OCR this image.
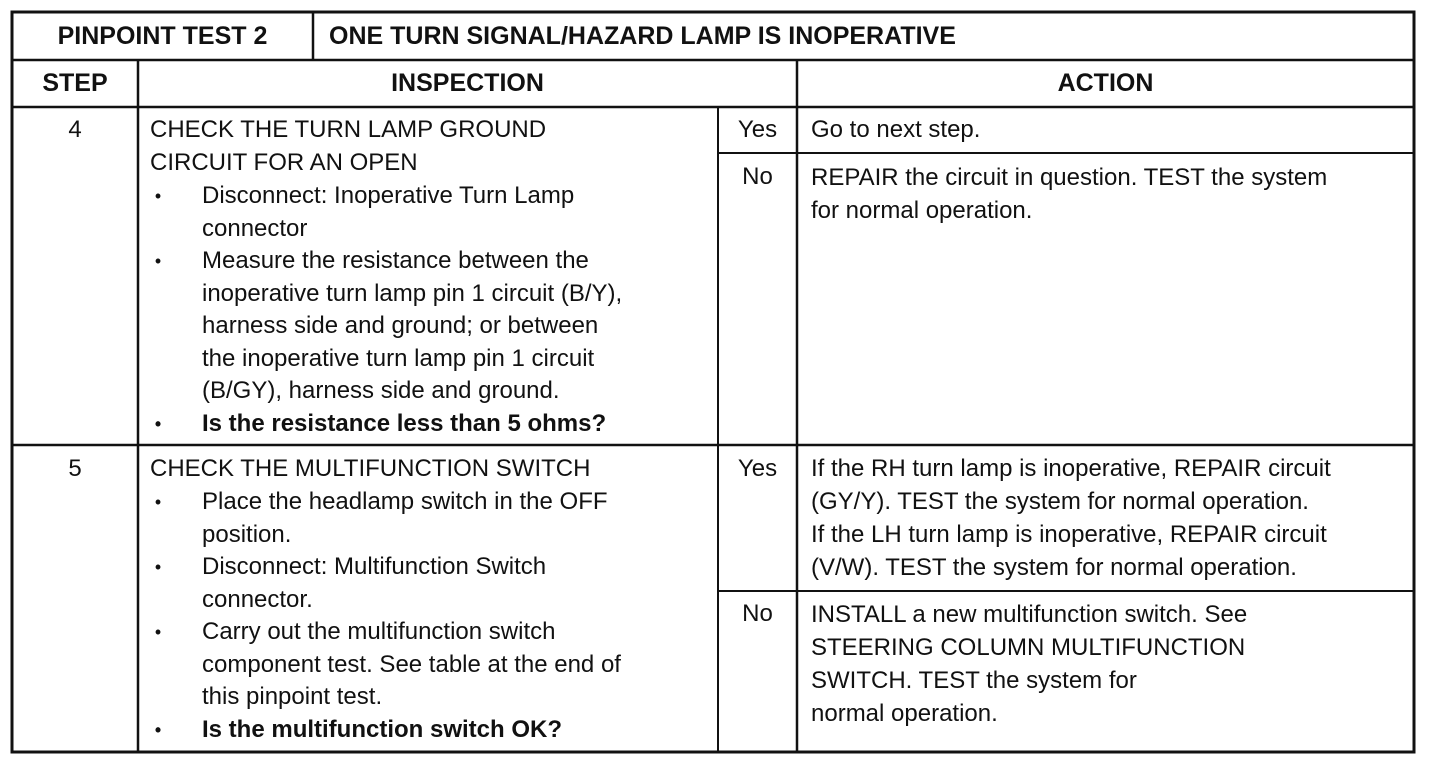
PINPOINT TEST 2	ONE TURN SIGNAL/HAZARD LAMP IS INOPERATIVE
STEP	INSPECTION	ACTION
4	CHECK THE TURN LAMP GROUND
CIRCUIT FOR AN OPEN
• Disconnect: Inoperative Turn Lamp
connector
• Measure the resistance between the
inoperative turn lamp pin 1 circuit (B/Y),
harness side and ground; or between
the inoperative turn lamp pin 1 circuit
(B/GY), harness side and ground.
• Is the resistance less than 5 ohms?
Yes	Go to next step.
No	REPAIR the circuit in question. TEST the system
for normal operation.
5	CHECK THE MULTIFUNCTION SWITCH
• Place the headlamp switch in the OFF
position.
• Disconnect: Multifunction Switch
connector.
• Carry out the multifunction switch
component test. See table at the end of
this pinpoint test.
• Is the multifunction switch OK?
Yes	If the RH turn lamp is inoperative, REPAIR circuit
(GY/Y). TEST the system for normal operation.
If the LH turn lamp is inoperative, REPAIR circuit
(V/W). TEST the system for normal operation.
No	INSTALL a new multifunction switch. See
STEERING COLUMN MULTIFUNCTION
SWITCH. TEST the system for
normal operation.
